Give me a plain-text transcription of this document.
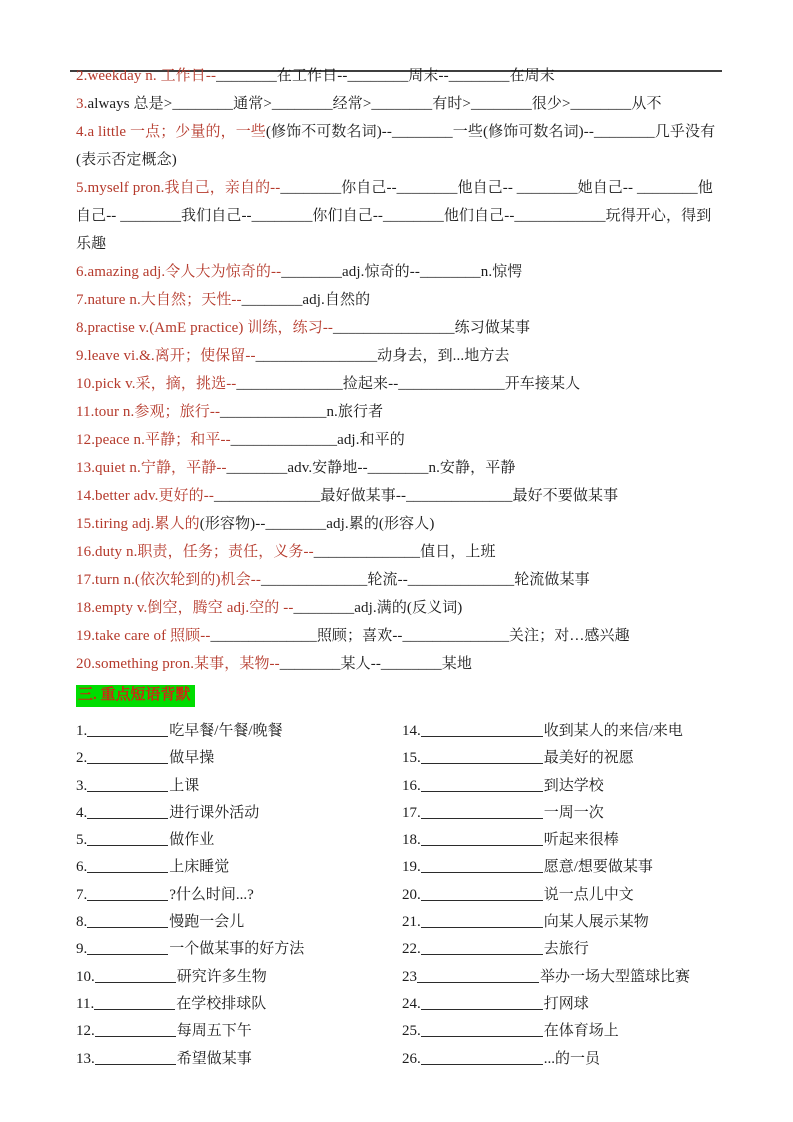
2.weekday n. 工作日--________在工作日--________周末--________在周末

3.always 总是>________通常>________经常>________有时>________很少>________从不

4.a little 一点；少量的，一些(修饰不可数名词)--________一些(修饰可数名词)--________几乎没有(表示否定概念)

5.myself pron.我自己，亲自的--________你自己--________他自己-- ________她自己-- ________他自己-- ________我们自己--________你们自己--________他们自己--____________玩得开心，得到乐趣

6.amazing adj.令人大为惊奇的--________adj.惊奇的--________n.惊愕

7.nature n.大自然；天性--________adj.自然的

8.practise v.(AmE practice) 训练，练习--________________练习做某事

9.leave vi.&.离开；使保留--________________动身去，到...地方去

10.pick v.采，摘，挑选--______________捡起来--______________开车接某人

11.tour n.参观；旅行--______________n.旅行者

12.peace n.平静；和平--______________adj.和平的

13.quiet n.宁静，平静--________adv.安静地--________n.安静，平静

14.better adv.更好的--______________最好做某事--______________最好不要做某事

15.tiring adj.累人的(形容物)--________adj.累的(形容人)

16.duty n.职责，任务；责任，义务--______________值日，上班

17.turn n.(依次轮到的)机会--______________轮流--______________轮流做某事

18.empty v.倒空，腾空 adj.空的 --________adj.满的(反义词)

19.take care of 照顾--______________照顾；喜欢--______________关注；对…感兴趣

20.something pron.某事，某物--________某人--________某地

三. 重点短语背默
1.	吃早餐/午餐/晚餐
2.	做早操
3.	上课
4.	进行课外活动
5.	做作业
6.	上床睡觉
7.	?什么时间...?
8.	慢跑一会儿
9.	一个做某事的好方法
10.	研究许多生物
11.	在学校排球队
12.	每周五下午
13.	希望做某事
14.	收到某人的来信/来电
15.	最美好的祝愿
16.	到达学校
17.	一周一次
18.	听起来很棒
19.	愿意/想要做某事
20.	说一点儿中文
21.	向某人展示某物
22.	去旅行
23	举办一场大型篮球比赛
24.	打网球
25.	在体育场上
26.	...的一员
